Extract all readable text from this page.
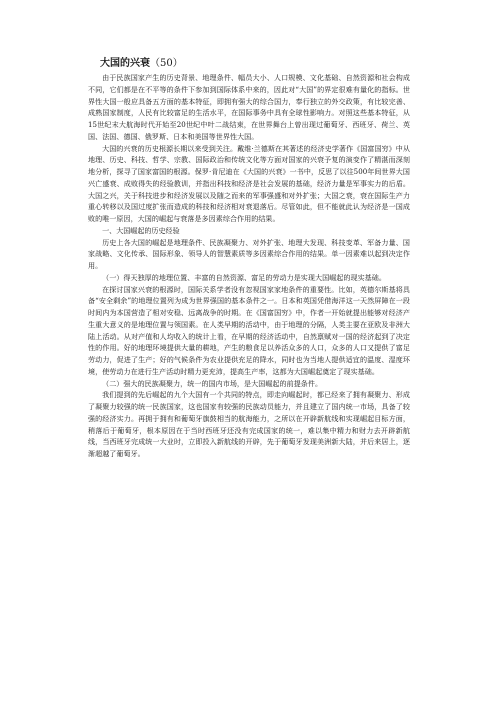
大国的兴衰（50）

由于民族国家产生的历史背景、地理条件、幅员大小、人口规模、文化基础、自然资源和社会构成不同，它们都是在不平等的条件下参加到国际体系中来的，因此对“大国”的界定很难有量化的指标。世界性大国一般应具备五方面的基本特征，即拥有强大的综合国力，奉行独立的外交政策，有比较完善、成熟国家制度，人民有比较富足的生活水平，在国际事务中具有全球性影响力。对照这些基本特征，从15世纪末大航海时代开始至20世纪中叶二战结束，在世界舞台上曾出现过葡萄牙、西班牙、荷兰、英国、法国、德国、俄罗斯、日本和美国等世界性大国。

大国的兴衰的历史根源长期以来受到关注。戴维·兰德斯在其著述的经济史学著作《国富国穷》中从地理、历史、科技、哲学、宗教、国际政治和传统文化等方面对国家的兴衰予复的演变作了精湛而深刻地分析，探寻了国家富国的根源。保罗·肯尼迪在《大国的兴衰》一书中，反思了以往500年间世界大国兴亡盛衰、成败得失的经验教训，并指出科技和经济是社会发展的基础，经济力量是军事实力的后盾。大国之兴，关于科技进步和经济发展以及随之而来的军事强盛和对外扩张；大国之衰，衰在国际生产力重心转移以及国过度扩张而造成的科技和经济相对衰退落后。尽管如此，但不能就此认为经济是一国成败的唯一原因，大国的崛起与衰落是多因素综合作用的结果。

一、大国崛起的历史经验

历史上各大国的崛起是地理条件、民族凝聚力、对外扩张、地理大发现、科技变革、军备力量、国家战略、文化传承、国际形象、领导人的智慧素质等多因素综合作用的结果。单一因素难以起到决定作用。

（一）得天独厚的地理位置、丰富的自然资源、富足的劳动力是实现大国崛起的现实基础。

在探讨国家兴衰的根源时，国际关系学者没有忽视国家家地条件的重要性。比如，英德尔斯基将具备“安全剩余”的地理位置列为成为世界强国的基本条件之一。日本和英国凭借海洋这一天然屏障在一段时间内为本国营造了相对安稳、远离战争的时期。在《国富国穷》中，作者一开始就提出能够对经济产生重大意义的是地理位置与领国素。在人类早期的活动中，由于地理的分隔，人类主要在亚欧及非洲大陆上活动。从对产值和人均收入的统计上看，在早期的经济活动中，自然禀赋对一国的经济起到了决定性的作用。好的地理环境提供大量的耕地，产生的粮食足以养活众多的人口，众多的人口又提供了富足劳动力，促进了生产；好的气候条件为农业提供充足的降水，同时也为当地人提供适宜的温度、湿度环境，使劳动力在进行生产活动时精力更充沛，提高生产率，这都为大国崛起奠定了现实基础。

（二）强大的民族凝聚力，统一的国内市场，是大国崛起的前提条件。

我们提到的先后崛起的九个大国有一个共同的特点，即走向崛起时，都已经来了拥有凝聚力、形成了凝聚力较强的统一民族国家，这也国家有较强的民族动员能力，并且建立了国内统一市场，具备了较强的经济实力。再拥于拥有和葡萄牙旗鼓相当的航海能力，之所以在开辟新航线和实现崛起目标方面，稍落后于葡萄牙，根本原因在于当时西班牙还没有完成国家的统一，难以集中精力和财力去开辟新航线，当西班牙完成统一大业时，立即投入新航线的开辟，先于葡萄牙发现美洲新大陆，并后来居上，逐渐超越了葡萄牙。
